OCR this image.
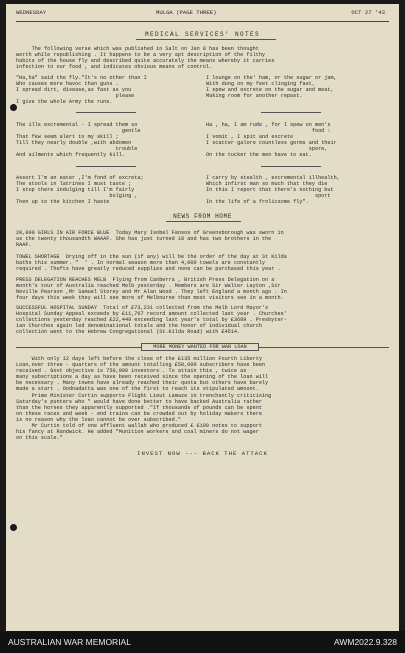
WEDNESDAY	MULGA (PAGE THREE)	OCT 27 '43
MEDICAL SERVICES' NOTES
The following verse which was published in Salt on Jan 8 has been thought
worth while republishing . It happens to be a very apt description of the filthy
habits of the house fly and described quite accurately the means whereby it carries
infection to our food , and indicates obvious means of control.
"Ha,ha" said the fly."It's no other than I
Who causes more havoc than guns .
I spread dirt, disease,as fast as you
please
I give the whole Army the runs.
I lounge on the' ham, or the sugar or jam,
With dung on my feet clinging fast,
I spew and excrete on the sugar and meat,
Making room for another repast.
The ills excremental - I spread them so
gentle
That few seem alert to my skill ;
Till they nearly double ,with abdomen
trouble
And ailments which frequently kill.
Ha , ha, I am rude , for I spew on men's
food :
I vomit , I spit and excrete
I scatter galore countless germs and their
spore,
On the tucker the men have to eat.
Assort I'm an eater ,I'm fond of excreta;
The stools in latrines I must taste ;
I stop there indulging till I'm fairly
bulging ,
Then up to the kitchen I haste
I carry by stealth , excremental illhealth,
Which infirst man so much that they die
In this I report that there's nothing but
sport
In the life of a frolicsome fly".
NEWS FROM HOME
20,000 GIRLS IN AIR FORCE BLUE  Today Mary Isobel Fansos of Greensborough was sworn in
as the twenty thousandth WAAAF. She has just turned 18 and has two brothers in the
RAAF.
TOWEL SHORTAGE  Drying off in the sun (if any) will be the order of the day at St Kilda
baths this summer. "  ' . In normal season more than 4,000 towels are constantly
required . Thefts have greatly reduced supplies and none can be purchased this year .
PRESS DELEGATION REACHES MELB  Flying from Canberra , British Press Delegation on a
month's tour of Australia reached Melb yesterday . Members are Sir Walter Layton ,Sir
Neville Pearson ,Mr Samuel Storey and Mr Alan Wood . They left England a month ago . In
four days this week they will see more of Melbourne than most visitors see in a month.
SUCCESSFUL HOSPITAL SUNDAY  Total of £73,231 collected from the Melb Lord Mayor's
Hospital Sunday Appeal exceeds by £11,767 record amount collected last year . Churches'
collections yesterday reached £22,449 exceeding last year's total by £3689 . Presbyter-
ian Churches again led denominational totals and the honor of individual church
collection went to the Hebrew Congregational (St.Kilda Road) with £4514.
MORE MONEY WANTED FOR WAR LOAN
With only 12 days left before the close of the £135 million Fourth Liberty
Loan,over three - quarters of the amount totalling £50,000 subscribers have been
received . Govt objective is 750,000 investors . To attain this , twice as
many subscriptions a day as have been received since the opening of the loan will
be necessary . Many towns have already reached their quota but others have barely
made a start . Oodnadatta was one of the first to reach its stipulated amount.
Prime Minister Curtin supports Flight Lieut Lamaze in trenchantly criticising
Saturday's punters who " would have done better to have backed Australia rather
than the horses they apparently supported ."If thousands of pounds can be spent
on these races and week - end trains can be crowded out by holiday makers there
is no reason why the loan cannot be over subscribed."
Mr Curtin told of one affluent wallah who produced £ £100 notes to support
his fancy at Randwick. He added "Munition workers and coal miners do not wager
on this scale."
INVEST NOW --- BACK THE ATTACK
AUSTRALIAN WAR MEMORIAL	AWM2022.9.328
